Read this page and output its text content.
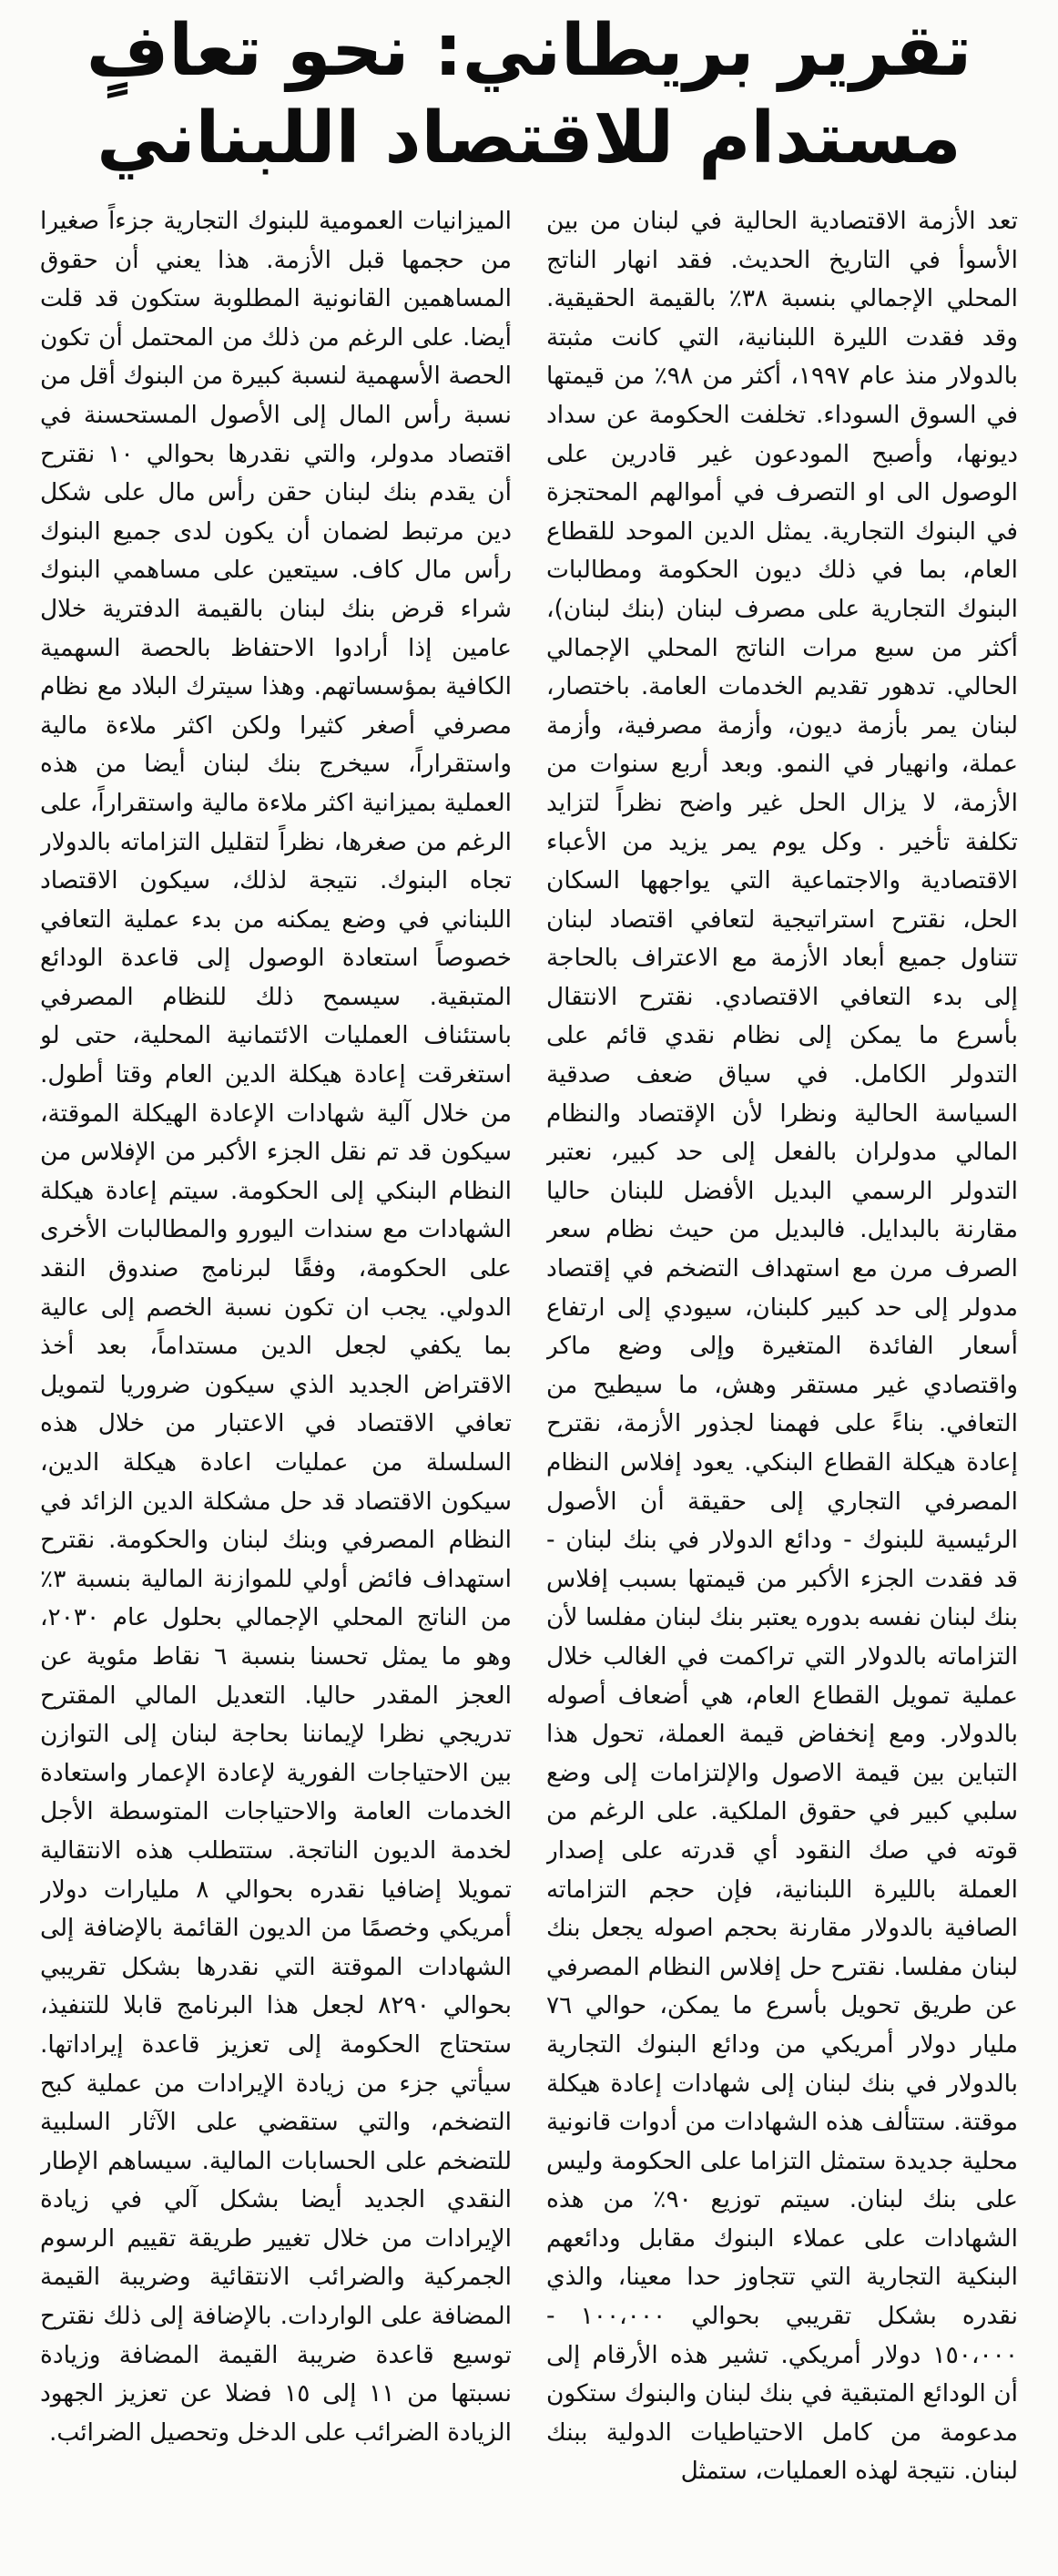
تقرير بريطاني: نحو تعافٍ
مستدام للاقتصاد اللبناني

تعد الأزمة الاقتصادية الحالية في لبنان من بين الأسوأ في التاريخ الحديث. فقد انهار الناتج المحلي الإجمالي بنسبة ٣٨٪ بالقيمة الحقيقية. وقد فقدت الليرة اللبنانية، التي كانت مثبتة بالدولار منذ عام ١٩٩٧، أكثر من ٩٨٪ من قيمتها في السوق السوداء. تخلفت الحكومة عن سداد ديونها، وأصبح المودعون غير قادرين على الوصول الى او التصرف في أموالهم المحتجزة في البنوك التجارية. يمثل الدين الموحد للقطاع العام، بما في ذلك ديون الحكومة ومطالبات البنوك التجارية على مصرف لبنان (بنك لبنان)، أكثر من سبع مرات الناتج المحلي الإجمالي الحالي. تدهور تقديم الخدمات العامة. باختصار، لبنان يمر بأزمة ديون، وأزمة مصرفية، وأزمة عملة، وانهيار في النمو. وبعد أربع سنوات من الأزمة، لا يزال الحل غير واضح نظراً لتزايد تكلفة تأخير . وكل يوم يمر يزيد من الأعباء الاقتصادية والاجتماعية التي يواجهها السكان الحل، نقترح استراتيجية لتعافي اقتصاد لبنان تتناول جميع أبعاد الأزمة مع الاعتراف بالحاجة إلى بدء التعافي الاقتصادي. نقترح الانتقال بأسرع ما يمكن إلى نظام نقدي قائم على التدولر الكامل. في سياق ضعف صدقية السياسة الحالية ونظرا لأن الإقتصاد والنظام المالي مدولران بالفعل إلى حد كبير، نعتبر التدولر الرسمي البديل الأفضل للبنان حاليا مقارنة بالبدايل. فالبديل من حيث نظام سعر الصرف مرن مع استهداف التضخم في إقتصاد مدولر إلى حد كبير كلبنان، سيودي إلى ارتفاع أسعار الفائدة المتغيرة وإلى وضع ماكر واقتصادي غير مستقر وهش، ما سيطيح من التعافي. بناءً على فهمنا لجذور الأزمة، نقترح إعادة هيكلة القطاع البنكي. يعود إفلاس النظام المصرفي التجاري إلى حقيقة أن الأصول الرئيسية للبنوك - ودائع الدولار في بنك لبنان - قد فقدت الجزء الأكبر من قيمتها بسبب إفلاس بنك لبنان نفسه بدوره يعتبر بنك لبنان مفلسا لأن التزاماته بالدولار التي تراكمت في الغالب خلال عملية تمويل القطاع العام، هي أضعاف أصوله بالدولار. ومع إنخفاض قيمة العملة، تحول هذا التباين بين قيمة الاصول والإلتزامات إلى وضع سلبي كبير في حقوق الملكية. على الرغم من قوته في صك النقود أي قدرته على إصدار العملة بالليرة اللبنانية، فإن حجم التزاماته الصافية بالدولار مقارنة بحجم اصوله يجعل بنك لبنان مفلسا. نقترح حل إفلاس النظام المصرفي عن طريق تحويل بأسرع ما يمكن، حوالي ٧٦ مليار دولار أمريكي من ودائع البنوك التجارية بالدولار في بنك لبنان إلى شهادات إعادة هيكلة موقتة. ستتألف هذه الشهادات من أدوات قانونية محلية جديدة ستمثل التزاما على الحكومة وليس على بنك لبنان. سيتم توزيع ٩٠٪ من هذه الشهادات على عملاء البنوك مقابل ودائعهم البنكية التجارية التي تتجاوز حدا معينا، والذي نقدره بشكل تقريبي بحوالي ١٠٠،٠٠٠ - ١٥٠،٠٠٠ دولار أمريكي. تشير هذه الأرقام إلى أن الودائع المتبقية في بنك لبنان والبنوك ستكون مدعومة من كامل الاحتياطيات الدولية ببنك لبنان. نتيجة لهذه العمليات، ستمثل

الميزانيات العمومية للبنوك التجارية جزءاً صغيرا من حجمها قبل الأزمة. هذا يعني أن حقوق المساهمين القانونية المطلوبة ستكون قد قلت أيضا. على الرغم من ذلك من المحتمل أن تكون الحصة الأسهمية لنسبة كبيرة من البنوك أقل من نسبة رأس المال إلى الأصول المستحسنة في اقتصاد مدولر، والتي نقدرها بحوالي ١٠ نقترح أن يقدم بنك لبنان حقن رأس مال على شكل دين مرتبط لضمان أن يكون لدى جميع البنوك رأس مال كاف. سيتعين على مساهمي البنوك شراء قرض بنك لبنان بالقيمة الدفترية خلال عامين إذا أرادوا الاحتفاظ بالحصة السهمية الكافية بمؤسساتهم. وهذا سيترك البلاد مع نظام مصرفي أصغر كثيرا ولكن اكثر ملاءة مالية واستقراراً، سيخرج بنك لبنان أيضا من هذه العملية بميزانية اكثر ملاءة مالية واستقراراً، على الرغم من صغرها، نظراً لتقليل التزاماته بالدولار تجاه البنوك. نتيجة لذلك، سيكون الاقتصاد اللبناني في وضع يمكنه من بدء عملية التعافي خصوصاً استعادة الوصول إلى قاعدة الودائع المتبقية. سيسمح ذلك للنظام المصرفي باستئناف العمليات الائتمانية المحلية، حتى لو استغرقت إعادة هيكلة الدين العام وقتا أطول. من خلال آلية شهادات الإعادة الهيكلة الموقتة، سيكون قد تم نقل الجزء الأكبر من الإفلاس من النظام البنكي إلى الحكومة. سيتم إعادة هيكلة الشهادات مع سندات اليورو والمطالبات الأخرى على الحكومة، وفقًا لبرنامج صندوق النقد الدولي. يجب ان تكون نسبة الخصم إلى عالية بما يكفي لجعل الدين مستداماً، بعد أخذ الاقتراض الجديد الذي سيكون ضروريا لتمويل تعافي الاقتصاد في الاعتبار من خلال هذه السلسلة من عمليات اعادة هيكلة الدين، سيكون الاقتصاد قد حل مشكلة الدين الزائد في النظام المصرفي وبنك لبنان والحكومة. نقترح استهداف فائض أولي للموازنة المالية بنسبة ٣٪ من الناتج المحلي الإجمالي بحلول عام ٢٠٣٠، وهو ما يمثل تحسنا بنسبة ٦ نقاط مئوية عن العجز المقدر حاليا. التعديل المالي المقترح تدريجي نظرا لإيماننا بحاجة لبنان إلى التوازن بين الاحتياجات الفورية لإعادة الإعمار واستعادة الخدمات العامة والاحتياجات المتوسطة الأجل لخدمة الديون الناتجة. ستتطلب هذه الانتقالية تمويلا إضافيا نقدره بحوالي ٨ مليارات دولار أمريكي وخصمًا من الديون القائمة بالإضافة إلى الشهادات الموقتة التي نقدرها بشكل تقريبي بحوالي ٨٢٩٠ لجعل هذا البرنامج قابلا للتنفيذ، ستحتاج الحكومة إلى تعزيز قاعدة إيراداتها. سيأتي جزء من زيادة الإيرادات من عملية كبح التضخم، والتي ستقضي على الآثار السلبية للتضخم على الحسابات المالية. سيساهم الإطار النقدي الجديد أيضا بشكل آلي في زيادة الإيرادات من خلال تغيير طريقة تقييم الرسوم الجمركية والضرائب الانتقائية وضريبة القيمة المضافة على الواردات. بالإضافة إلى ذلك نقترح توسيع قاعدة ضريبة القيمة المضافة وزيادة نسبتها من ١١ إلى ١٥ فضلا عن تعزيز الجهود الزيادة الضرائب على الدخل وتحصيل الضرائب.
